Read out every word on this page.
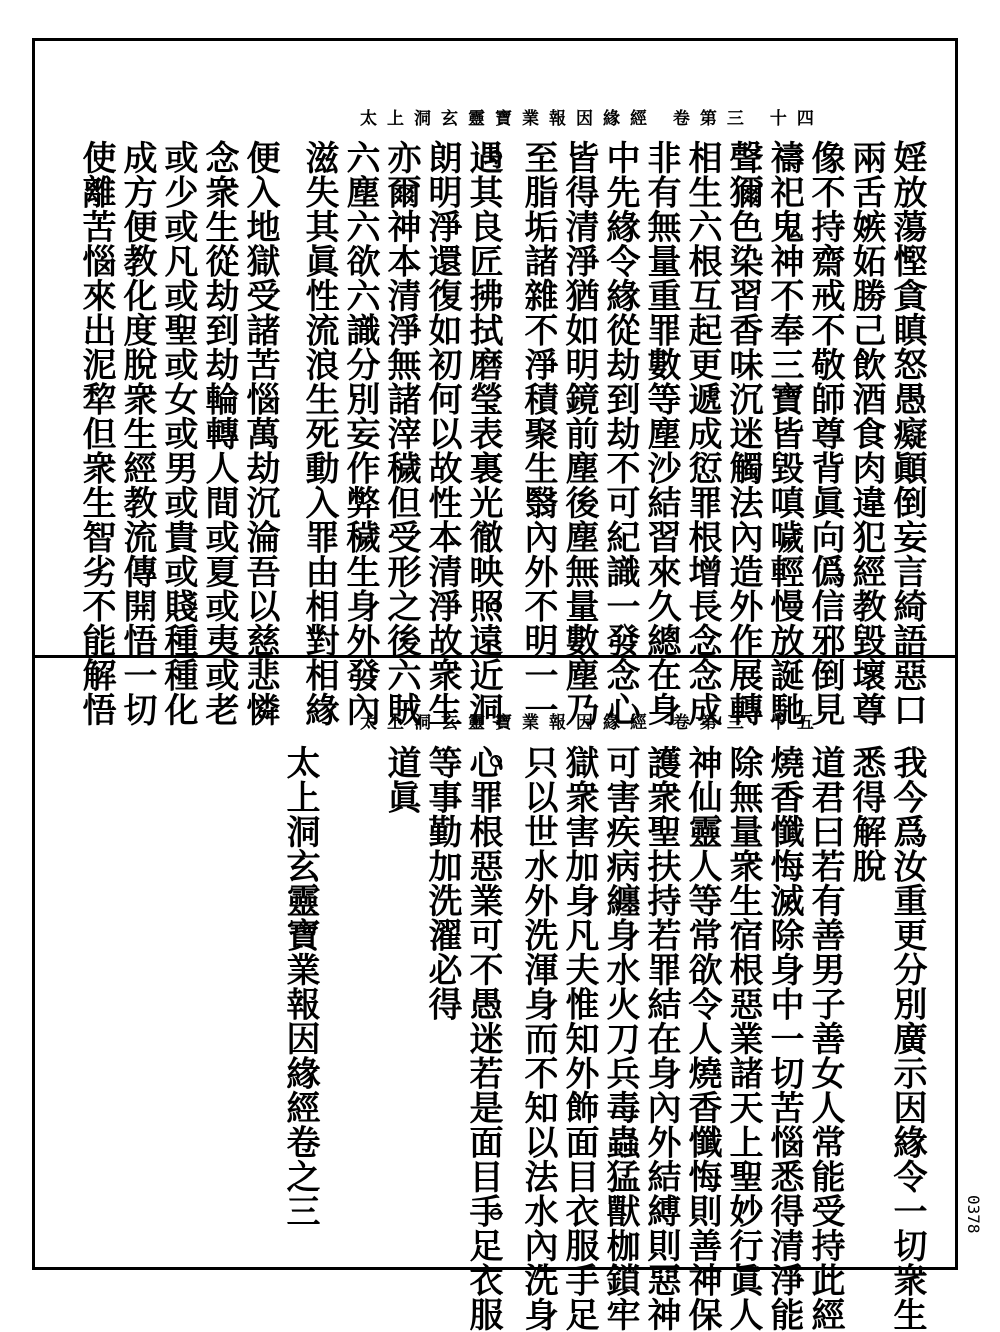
太上洞玄靈寶業報因緣經 卷第三 十四
婬放蕩慳貪瞋怒愚癡顚倒妄言綺語惡口
兩舌嫉妬勝己飲酒食肉違犯經教毀壞尊
像不持齋戒不敬師尊背眞向僞信邪倒見
禱祀鬼神不奉三寶皆毀嗔噦輕慢放誕馳
聲獮色染習香味沉迷觸法內造外作展轉
相生六根互起更遞成愆罪根增長念念成
非有無量重罪數等塵沙結習來久總在身
中先緣令緣從劫到劫不可紀識一發念心
皆得清淨猶如明鏡前塵後塵無量數塵乃
至脂垢諸雜不淨積聚生翳內外不明一一
遇其良匠拂拭磨瑩表裏光徹映照遠近洞
朗明淨還復如初何以故性本清淨故衆生
亦爾神本清淨無諸滓穢但受形之後六賊
六塵六欲六識分別妄作弊穢生身外發內
滋失其眞性流浪生死動入罪由相對相緣
便入地獄受諸苦惱萬劫沉淪吾以慈悲憐
念衆生從劫到劫輪轉人間或夏或夷或老
或少或凡或聖或女或男或貴或賤種種化
成方便教化度脫衆生經教流傳開悟一切
使離苦惱來出泥犂但衆生智劣不能解悟	太上洞玄靈寶業報因緣經 卷第三 十五
我今爲汝重更分別廣示因緣令一切衆生
悉得解脫
道君曰若有善男子善女人常能受持此經
燒香懺悔滅除身中一切苦惱悉得清淨能
除無量衆生宿根惡業諸天上聖妙行眞人
神仙靈人等常欲令人燒香懺悔則善神保
護衆聖扶持若罪結在身內外結縛則惡神
可害疾病纏身水火刀兵毒蟲猛獸枷鎖牢
獄衆害加身凡夫惟知外飾面目衣服手足
只以世水外洗渾身而不知以法水內洗身
心罪根惡業可不愚迷若是面目手足衣服
等事勤加洗濯必得
道眞
太上洞玄靈寶業報因緣經卷之三	0378
